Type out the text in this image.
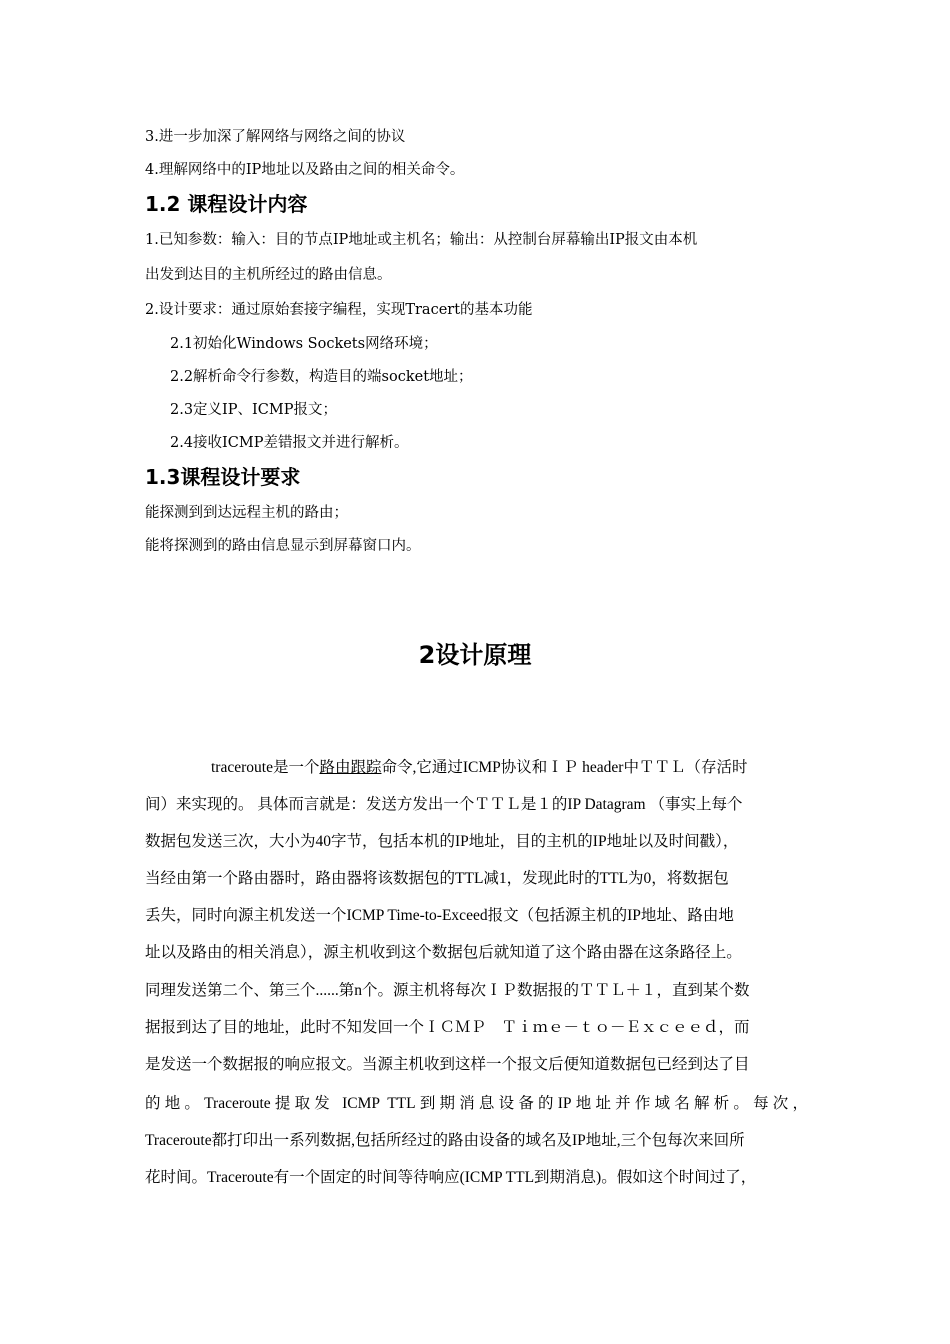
3.进一步加深了解网络与网络之间的协议
4.理解网络中的IP地址以及路由之间的相关命令。
1.2 课程设计内容
1.已知参数：输入：目的节点IP地址或主机名；输出：从控制台屏幕输出IP报文由本机
出发到达目的主机所经过的路由信息。
2.设计要求：通过原始套接字编程，实现Tracert的基本功能
2.1初始化Windows Sockets网络环境；
2.2解析命令行参数，构造目的端socket地址；
2.3定义IP、ICMP报文；
2.4接收ICMP差错报文并进行解析。
1.3课程设计要求
能探测到到达远程主机的路由；
能将探测到的路由信息显示到屏幕窗口内。
2设计原理
traceroute是一个路由跟踪命令,它通过ICMP协议和ＩＰ header中ＴＴＬ（存活时
间）来实现的。 具体而言就是：发送方发出一个ＴＴＬ是１的IP Datagram （事实上每个
数据包发送三次，大小为40字节，包括本机的IP地址，目的主机的IP地址以及时间戳），
当经由第一个路由器时，路由器将该数据包的TTL减1，发现此时的TTL为0，将数据包
丢失，同时向源主机发送一个ICMP Time-to-Exceed报文（包括源主机的IP地址、路由地
址以及路由的相关消息），源主机收到这个数据包后就知道了这个路由器在这条路径上。
同理发送第二个、第三个......第n个。源主机将每次ＩＰ数据报的ＴＴＬ＋１，直到某个数
据报到达了目的地址，此时不知发回一个ＩＣＭＰ　Ｔｉｍｅ－ｔｏ－Ｅｘｃｅｅｄ，而
是发送一个数据报的响应报文。当源主机收到这样一个报文后便知道数据包已经到达了目
的地。Traceroute提取发 ICMP TTL到期消息设备的IP地址并作域名解析。每次，
Traceroute都打印出一系列数据,包括所经过的路由设备的域名及IP地址,三个包每次来回所
花时间。Traceroute有一个固定的时间等待响应(ICMP TTL到期消息)。假如这个时间过了，
